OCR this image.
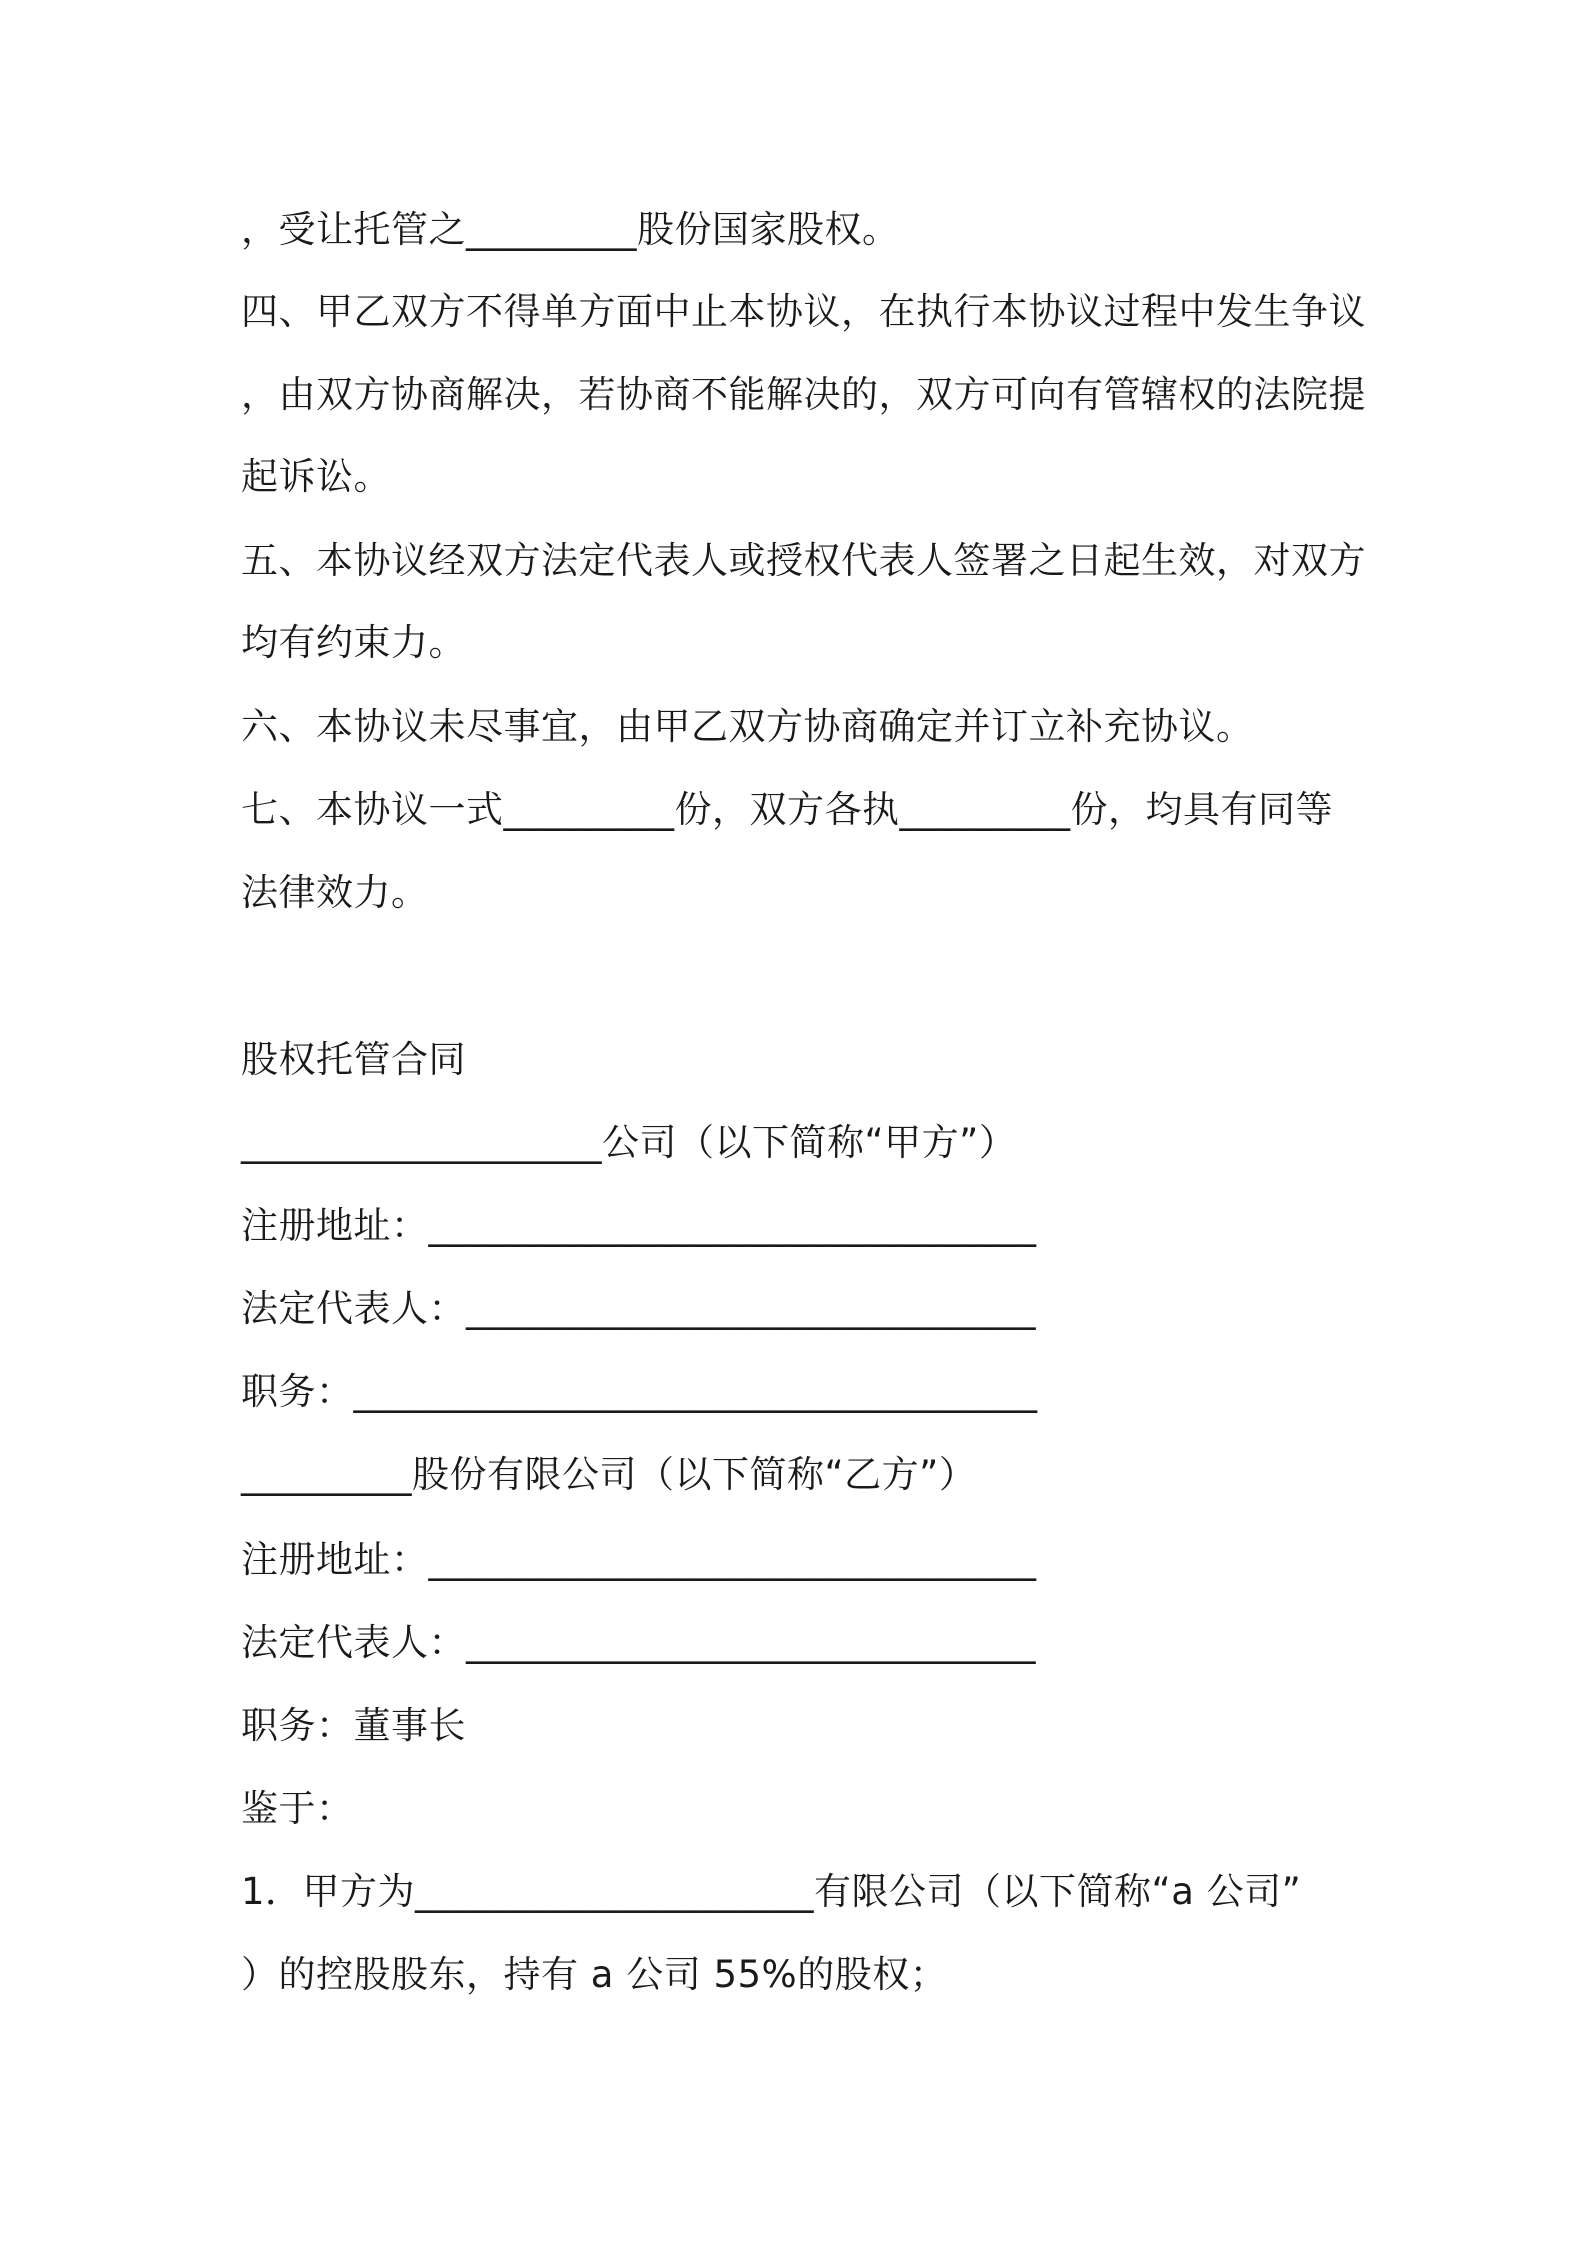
，受让托管之_________股份国家股权。
四、甲乙双方不得单方面中止本协议，在执行本协议过程中发生争议
，由双方协商解决，若协商不能解决的，双方可向有管辖权的法院提
起诉讼。
五、本协议经双方法定代表人或授权代表人签署之日起生效，对双方
均有约束力。
六、本协议未尽事宜，由甲乙双方协商确定并订立补充协议。
七、本协议一式_________份，双方各执_________份，均具有同等
法律效力。
股权托管合同
___________________公司（以下简称“甲方”）
注册地址：________________________________
法定代表人：______________________________
职务：____________________________________
_________股份有限公司（以下简称“乙方”）
注册地址：________________________________
法定代表人：______________________________
职务：董事长
鉴于：
1．甲方为_____________________有限公司（以下简称“a 公司”
）的控股股东，持有 a 公司 55%的股权；
